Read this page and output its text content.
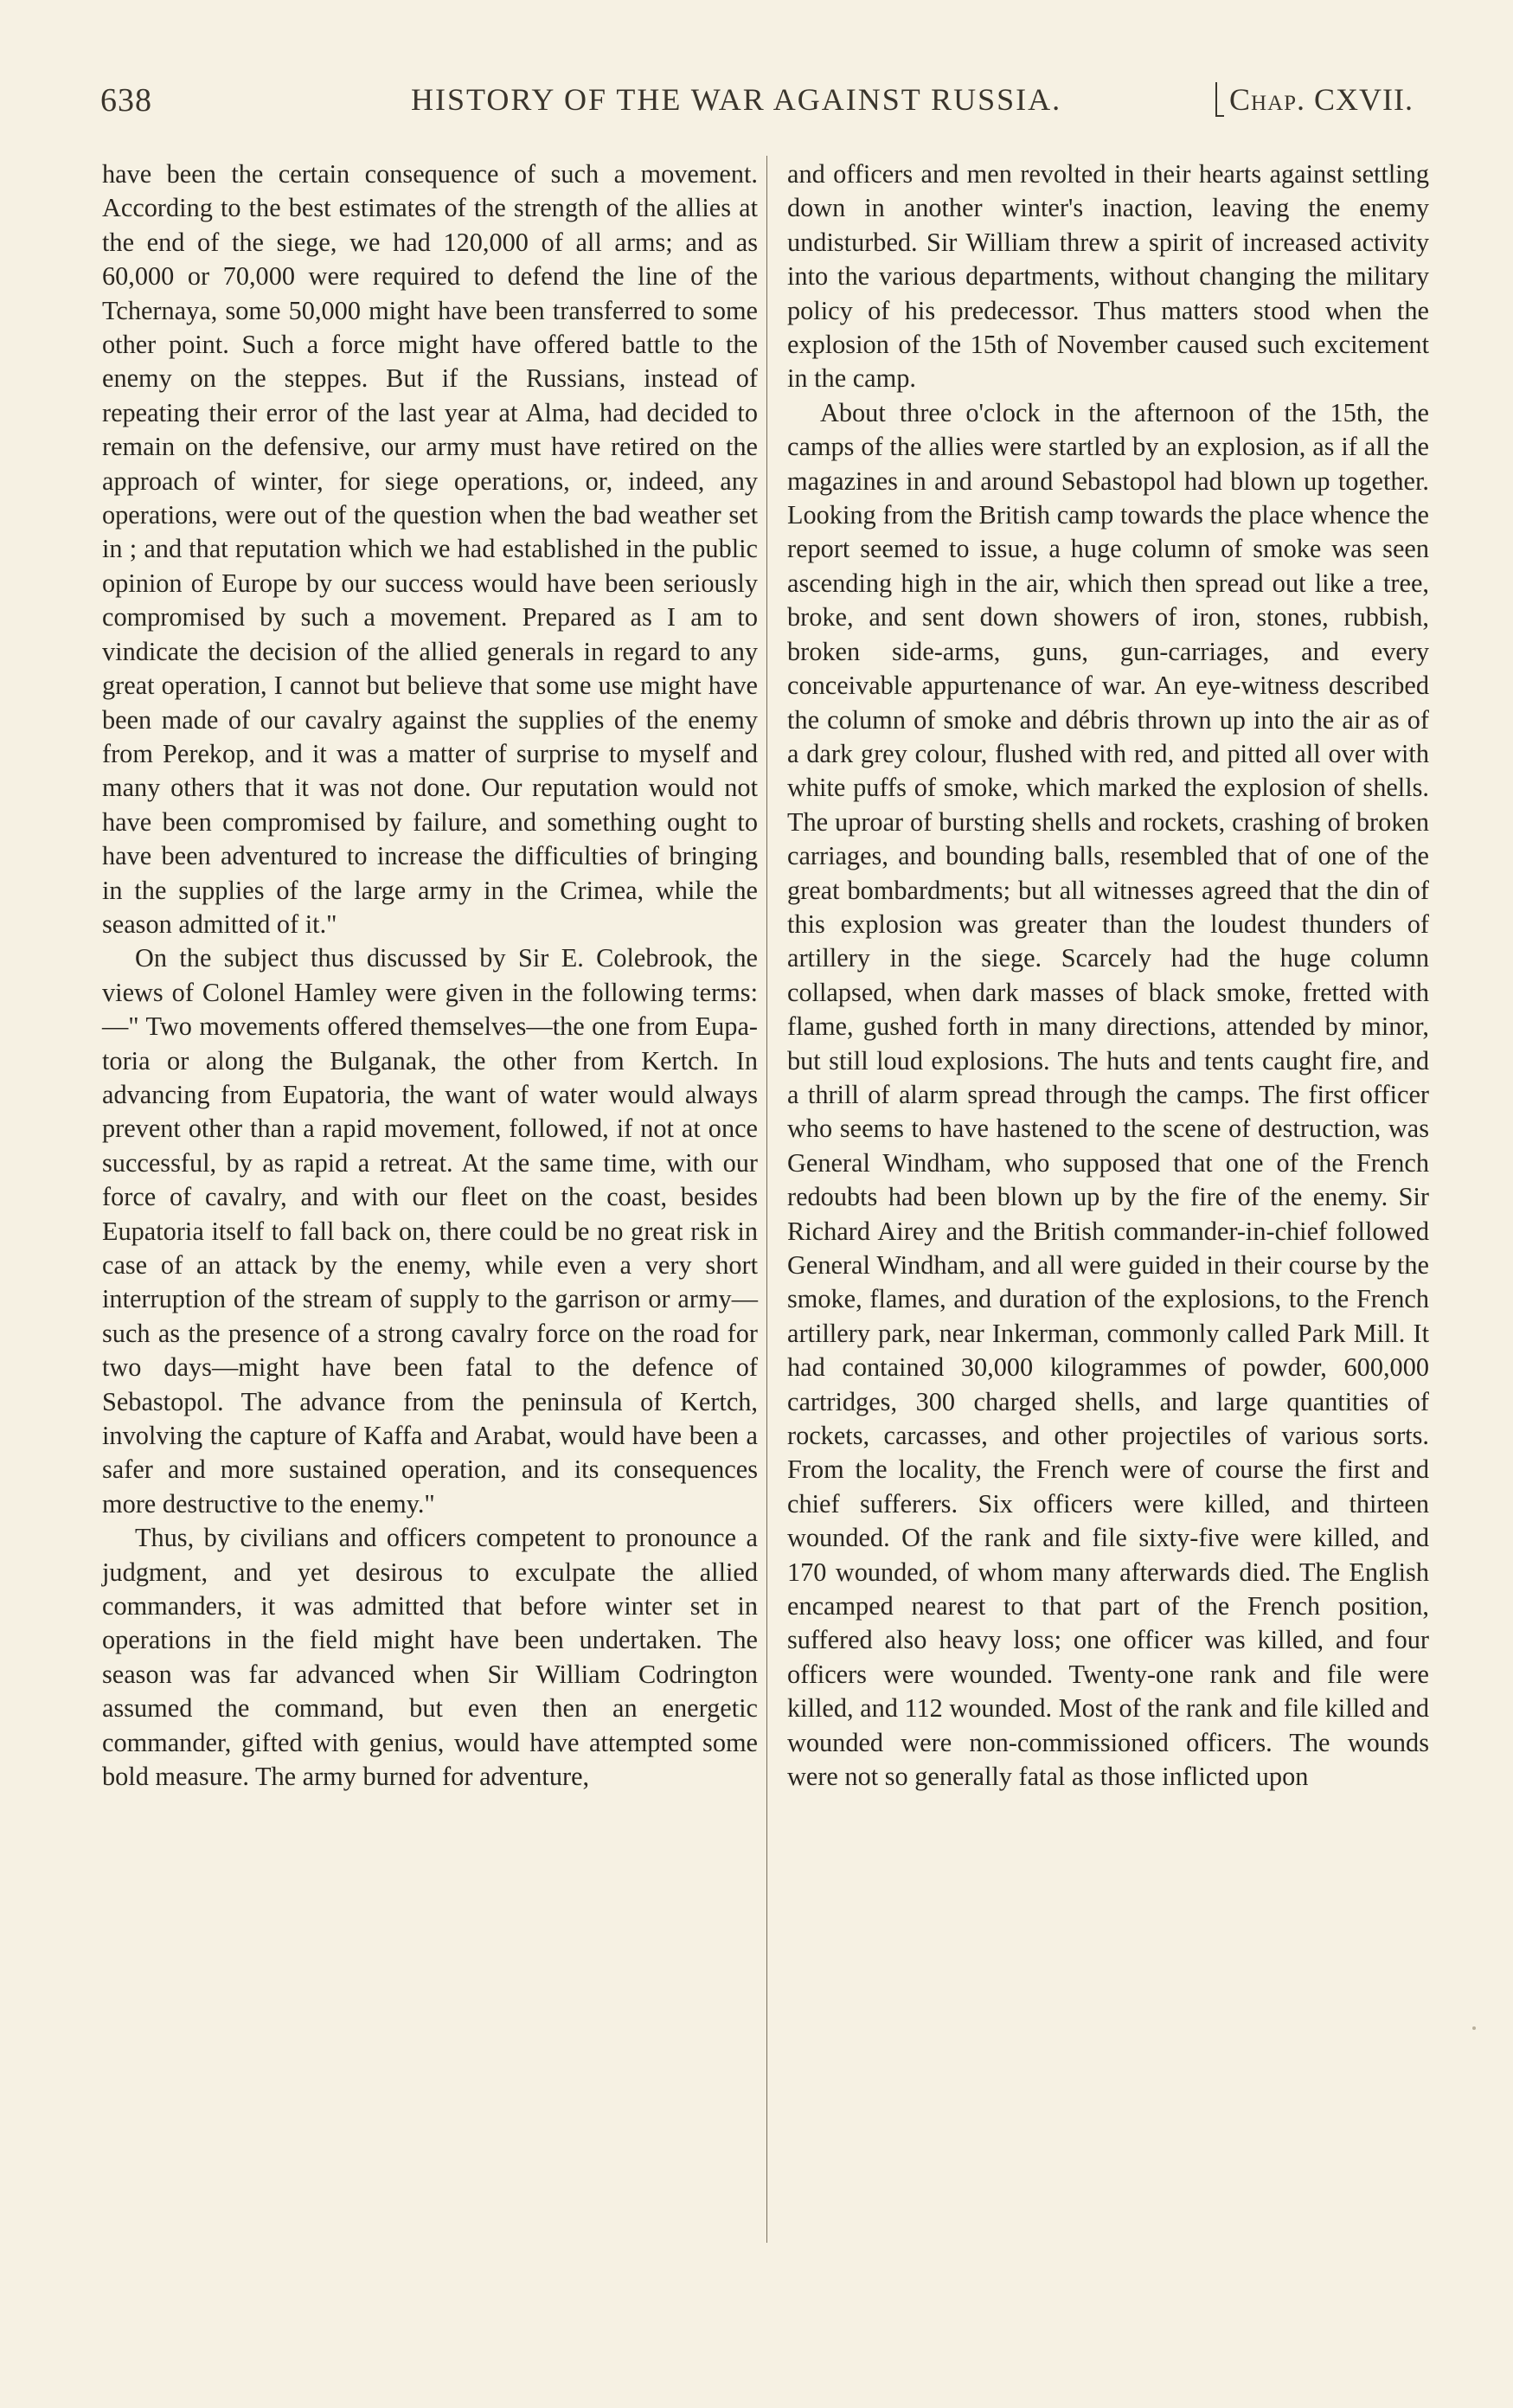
638	HISTORY OF THE WAR AGAINST RUSSIA.	Chap. CXVII.

have been the certain consequence of such a movement. According to the best estimates of the strength of the allies at the end of the siege, we had 120,000 of all arms; and as 60,000 or 70,000 were required to defend the line of the Tchernaya, some 50,000 might have been transferred to some other point. Such a force might have offered battle to the enemy on the steppes. But if the Russians, instead of repeating their error of the last year at Alma, had decided to remain on the defensive, our army must have retired on the approach of winter, for siege operations, or, indeed, any operations, were out of the question when the bad weather set in ; and that reputation which we had established in the public opinion of Europe by our success would have been seriously compromised by such a movement. Prepared as I am to vindicate the decision of the allied generals in regard to any great operation, I cannot but believe that some use might have been made of our cavalry against the supplies of the enemy from Perekop, and it was a matter of surprise to myself and many others that it was not done. Our reputation would not have been compromised by failure, and something ought to have been adventured to increase the difficulties of bringing in the supplies of the large army in the Crimea, while the season admitted of it."

On the subject thus discussed by Sir E. Colebrook, the views of Colonel Hamley were given in the following terms:—" Two movements offered themselves—the one from Eupatoria or along the Bulganak, the other from Kertch. In advancing from Eupatoria, the want of water would always prevent other than a rapid movement, followed, if not at once successful, by as rapid a retreat. At the same time, with our force of cavalry, and with our fleet on the coast, besides Eupatoria itself to fall back on, there could be no great risk in case of an attack by the enemy, while even a very short interruption of the stream of supply to the garrison or army—such as the presence of a strong cavalry force on the road for two days—might have been fatal to the defence of Sebastopol. The advance from the peninsula of Kertch, involving the capture of Kaffa and Arabat, would have been a safer and more sustained operation, and its consequences more destructive to the enemy."

Thus, by civilians and officers competent to pronounce a judgment, and yet desirous to exculpate the allied commanders, it was admitted that before winter set in operations in the field might have been undertaken. The season was far advanced when Sir William Codrington assumed the command, but even then an energetic commander, gifted with genius, would have attempted some bold measure. The army burned for adventure,

and officers and men revolted in their hearts against settling down in another winter's inaction, leaving the enemy undisturbed. Sir William threw a spirit of increased activity into the various departments, without changing the military policy of his predecessor. Thus matters stood when the explosion of the 15th of November caused such excitement in the camp.

About three o'clock in the afternoon of the 15th, the camps of the allies were startled by an explosion, as if all the magazines in and around Sebastopol had blown up together. Looking from the British camp towards the place whence the report seemed to issue, a huge column of smoke was seen ascending high in the air, which then spread out like a tree, broke, and sent down showers of iron, stones, rubbish, broken side-arms, guns, gun-carriages, and every conceivable appurtenance of war. An eye-witness described the column of smoke and débris thrown up into the air as of a dark grey colour, flushed with red, and pitted all over with white puffs of smoke, which marked the explosion of shells. The uproar of bursting shells and rockets, crashing of broken carriages, and bounding balls, resembled that of one of the great bombardments; but all witnesses agreed that the din of this explosion was greater than the loudest thunders of artillery in the siege. Scarcely had the huge column collapsed, when dark masses of black smoke, fretted with flame, gushed forth in many directions, attended by minor, but still loud explosions. The huts and tents caught fire, and a thrill of alarm spread through the camps. The first officer who seems to have hastened to the scene of destruction, was General Windham, who supposed that one of the French redoubts had been blown up by the fire of the enemy. Sir Richard Airey and the British commander-in-chief followed General Windham, and all were guided in their course by the smoke, flames, and duration of the explosions, to the French artillery park, near Inkerman, commonly called Park Mill. It had contained 30,000 kilogrammes of powder, 600,000 cartridges, 300 charged shells, and large quantities of rockets, carcasses, and other projectiles of various sorts. From the locality, the French were of course the first and chief sufferers. Six officers were killed, and thirteen wounded. Of the rank and file sixty-five were killed, and 170 wounded, of whom many afterwards died. The English encamped nearest to that part of the French position, suffered also heavy loss; one officer was killed, and four officers were wounded. Twenty-one rank and file were killed, and 112 wounded. Most of the rank and file killed and wounded were non-commissioned officers. The wounds were not so generally fatal as those inflicted upon
